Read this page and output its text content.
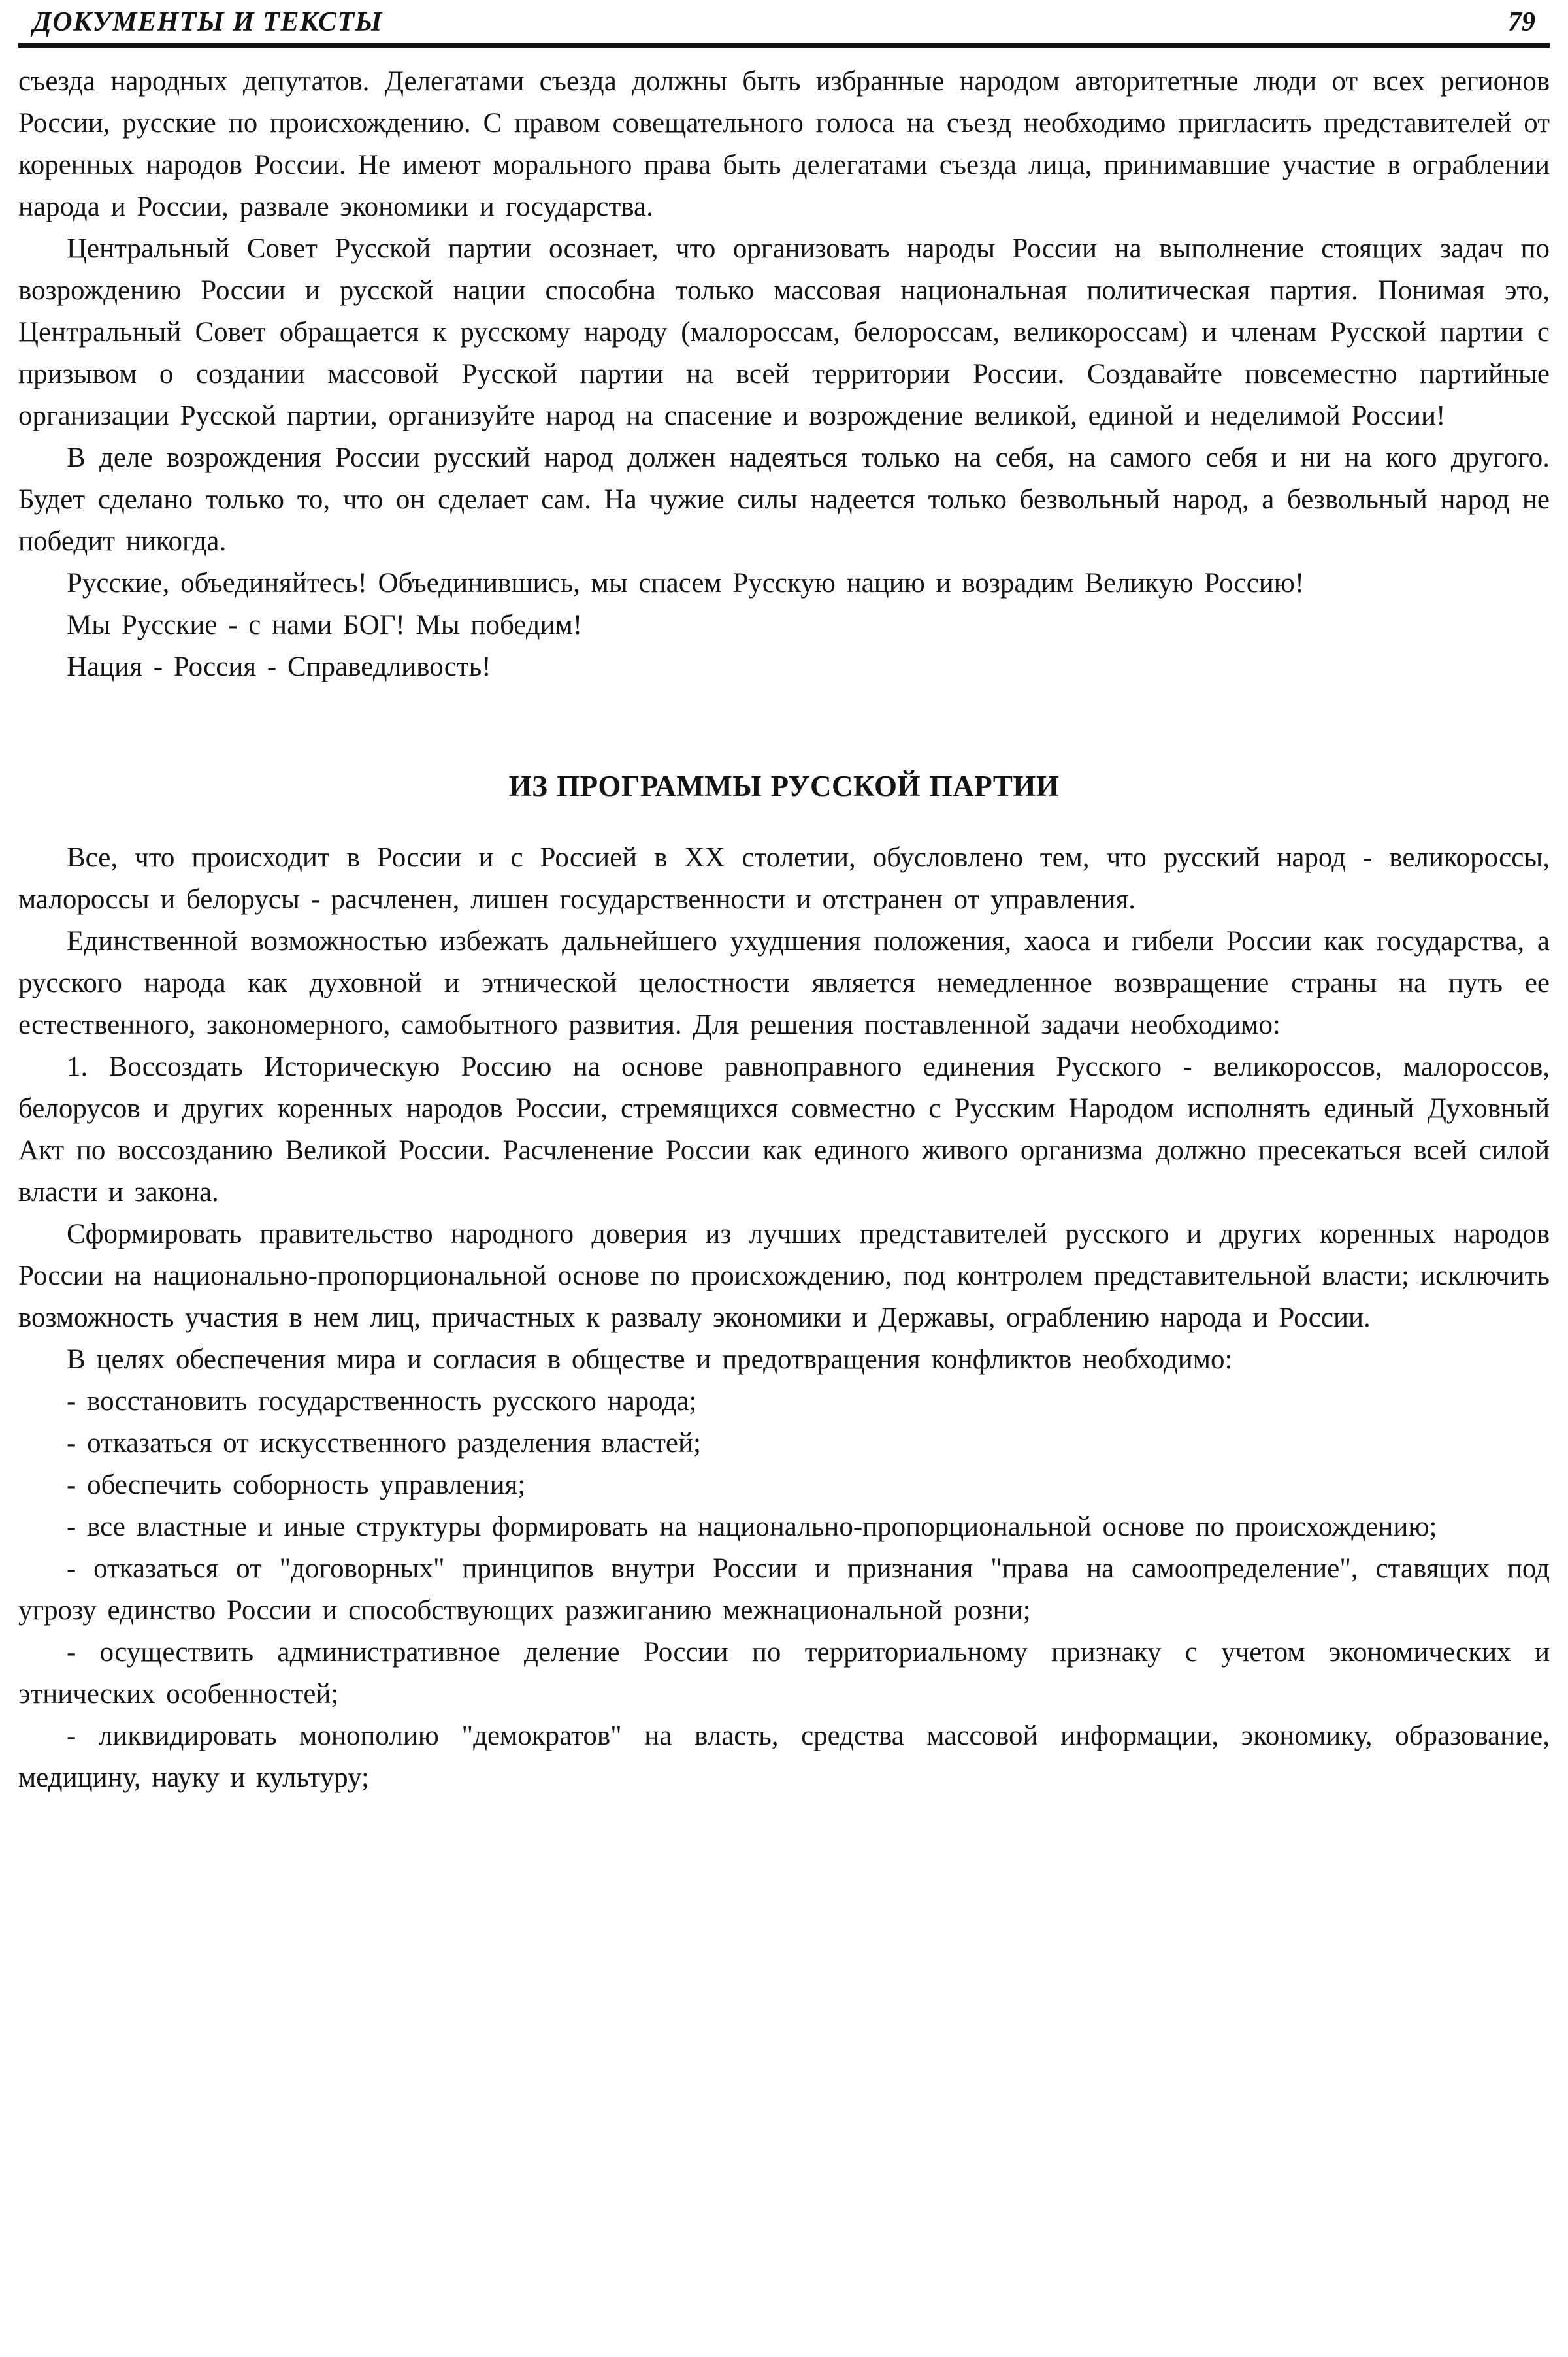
ДОКУМЕНТЫ И ТЕКСТЫ	79

съезда народных депутатов. Делегатами съезда должны быть избранные народом авторитетные люди от всех регионов России, русские по происхождению. С правом совещательного голоса на съезд необходимо пригласить представителей от коренных народов России. Не имеют морального права быть делегатами съезда лица, принимавшие участие в ограблении народа и России, развале экономики и государства.

Центральный Совет Русской партии осознает, что организовать народы России на выполнение стоящих задач по возрождению России и русской нации способна только массовая национальная политическая партия. Понимая это, Центральный Совет обращается к русскому народу (малороссам, белороссам, великороссам) и членам Русской партии с призывом о создании массовой Русской партии на всей территории России. Создавайте повсеместно партийные организации Русской партии, организуйте народ на спасение и возрождение великой, единой и неделимой России!

В деле возрождения России русский народ должен надеяться только на себя, на самого себя и ни на кого другого. Будет сделано только то, что он сделает сам. На чужие силы надеется только безвольный народ, а безвольный народ не победит никогда.

Русские, объединяйтесь! Объединившись, мы спасем Русскую нацию и возрадим Великую Россию!

Мы Русские - с нами БОГ! Мы победим!

Нация - Россия - Справедливость!

ИЗ ПРОГРАММЫ РУССКОЙ ПАРТИИ

Все, что происходит в России и с Россией в XX столетии, обусловлено тем, что русский народ - великороссы, малороссы и белорусы - расчленен, лишен государственности и отстранен от управления.

Единственной возможностью избежать дальнейшего ухудшения положения, хаоса и гибели России как государства, а русского народа как духовной и этнической целостности является немедленное возвращение страны на путь ее естественного, закономерного, самобытного развития. Для решения поставленной задачи необходимо:

1. Воссоздать Историческую Россию на основе равноправного единения Русского - великороссов, малороссов, белорусов и других коренных народов России, стремящихся совместно с Русским Народом исполнять единый Духовный Акт по воссозданию Великой России. Расчленение России как единого живого организма должно пресекаться всей силой власти и закона.

Сформировать правительство народного доверия из лучших представителей русского и других коренных народов России на национально-пропорциональной основе по происхождению, под контролем представительной власти; исключить возможность участия в нем лиц, причастных к развалу экономики и Державы, ограблению народа и России.

В целях обеспечения мира и согласия в обществе и предотвращения конфликтов необходимо:

- восстановить государственность русского народа;

- отказаться от искусственного разделения властей;

- обеспечить соборность управления;

- все властные и иные структуры формировать на национально-пропорциональной основе по происхождению;

- отказаться от "договорных" принципов внутри России и признания "права на самоопределение", ставящих под угрозу единство России и способствующих разжиганию межнациональной розни;

- осуществить административное деление России по территориальному признаку с учетом экономических и этнических особенностей;

- ликвидировать монополию "демократов" на власть, средства массовой информации, экономику, образование, медицину, науку и культуру;
